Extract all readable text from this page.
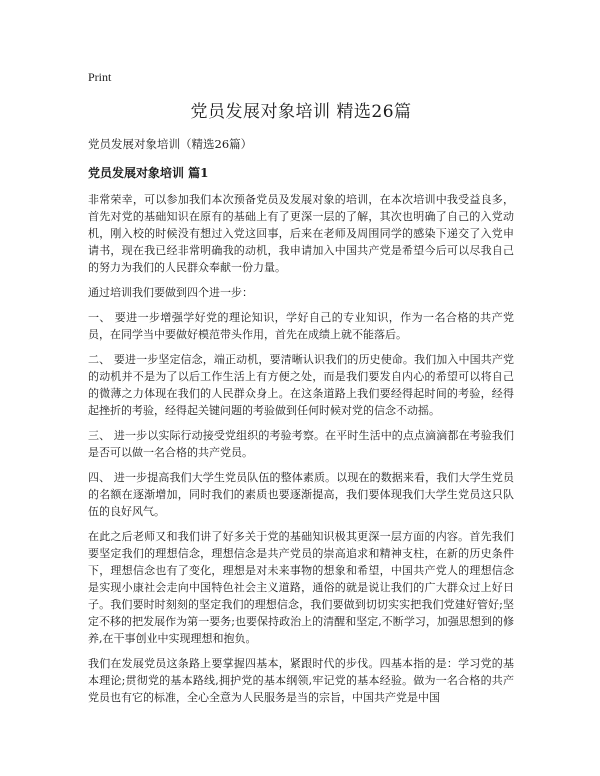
Print
党员发展对象培训 精选26篇
党员发展对象培训（精选26篇）
党员发展对象培训 篇1

非常荣幸，可以参加我们本次预备党员及发展对象的培训，在本次培训中我受益良多，首先对党的基础知识在原有的基础上有了更深一层的了解，其次也明确了自己的入党动机，刚入校的时候没有想过入党这回事，后来在老师及周围同学的感染下递交了入党申请书，现在我已经非常明确我的动机，我申请加入中国共产党是希望今后可以尽我自己的努力为我们的人民群众奉献一份力量。

通过培训我们要做到四个进一步：

一、 要进一步增强学好党的理论知识，学好自己的专业知识，作为一名合格的共产党员，在同学当中要做好模范带头作用，首先在成绩上就不能落后。

二、 要进一步坚定信念，端正动机，要清晰认识我们的历史使命。我们加入中国共产党的动机并不是为了以后工作生活上有方便之处，而是我们要发自内心的希望可以将自己的微薄之力体现在我们的人民群众身上。在这条道路上我们要经得起时间的考验，经得起挫折的考验，经得起关键问题的考验做到任何时候对党的信念不动摇。

三、 进一步以实际行动接受党组织的考验考察。在平时生活中的点点滴滴都在考验我们是否可以做一名合格的共产党员。

四、 进一步提高我们大学生党员队伍的整体素质。以现在的数据来看，我们大学生党员的名额在逐渐增加，同时我们的素质也要逐渐提高，我们要体现我们大学生党员这只队伍的良好风气。

在此之后老师又和我们讲了好多关于党的基础知识极其更深一层方面的内容。首先我们要坚定我们的理想信念，理想信念是共产党员的崇高追求和精神支柱，在新的历史条件下，理想信念也有了变化，理想是对未来事物的想象和希望，中国共产党人的理想信念是实现小康社会走向中国特色社会主义道路，通俗的就是说让我们的广大群众过上好日子。我们要时时刻刻的坚定我们的理想信念，我们要做到切切实实把我们党建好管好;坚定不移的把发展作为第一要务;也要保持政治上的清醒和坚定,不断学习，加强思想到的修养,在干事创业中实现理想和抱负。

我们在发展党员这条路上要掌握四基本，紧跟时代的步伐。四基本指的是：学习党的基本理论;贯彻党的基本路线,拥护党的基本纲领,牢记党的基本经验。做为一名合格的共产党员也有它的标准，全心全意为人民服务是当的宗旨，中国共产党是中国
